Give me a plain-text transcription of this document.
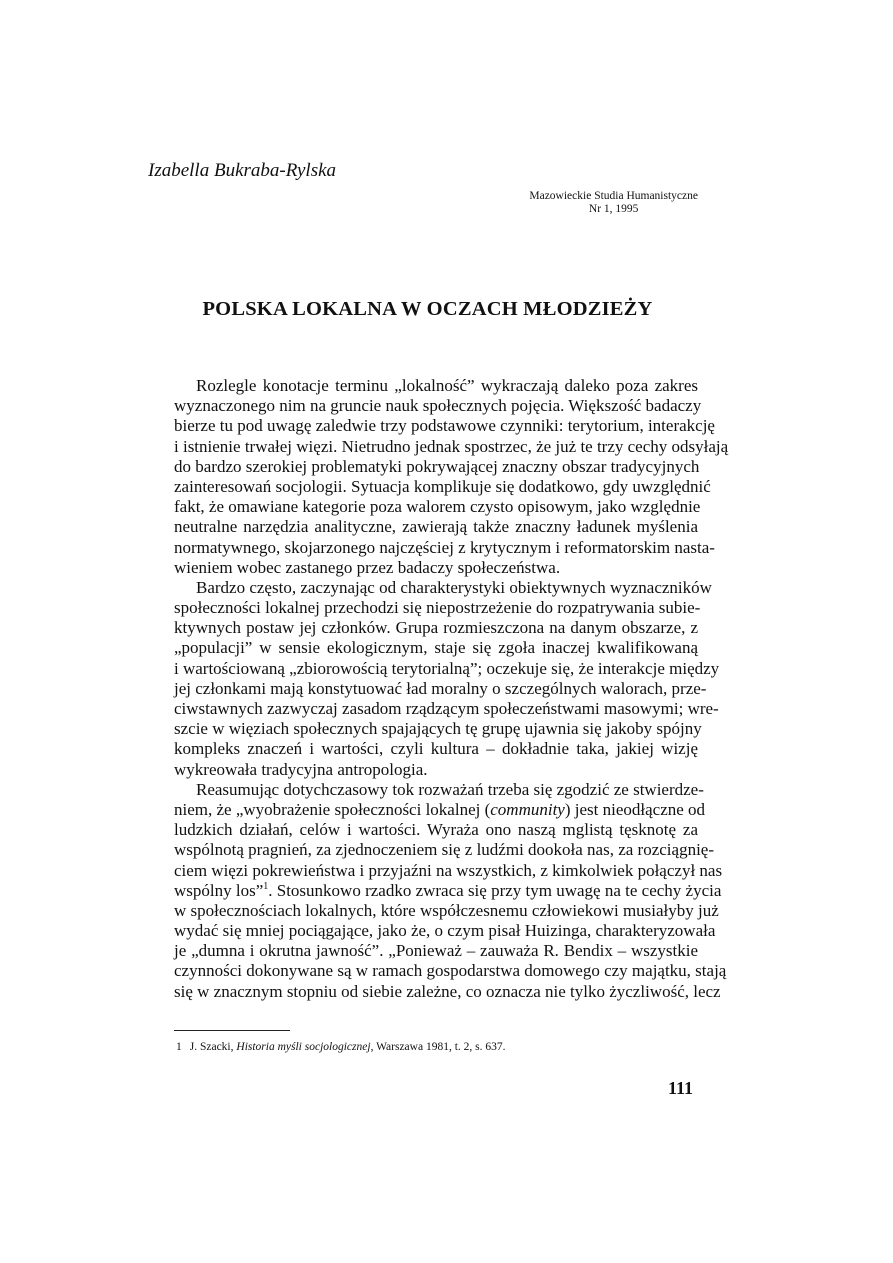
Izabella Bukraba-Rylska
Mazowieckie Studia Humanistyczne
Nr 1, 1995
POLSKA LOKALNA W OCZACH MŁODZIEŻY
Rozlegle konotacje terminu „lokalność” wykraczają daleko poza zakres
wyznaczonego nim na gruncie nauk społecznych pojęcia. Większość badaczy
bierze tu pod uwagę zaledwie trzy podstawowe czynniki: terytorium, interakcję
i istnienie trwałej więzi. Nietrudno jednak spostrzec, że już te trzy cechy odsyłają
do bardzo szerokiej problematyki pokrywającej znaczny obszar tradycyjnych
zainteresowań socjologii. Sytuacja komplikuje się dodatkowo, gdy uwzględnić
fakt, że omawiane kategorie poza walorem czysto opisowym, jako względnie
neutralne narzędzia analityczne, zawierają także znaczny ładunek myślenia
normatywnego, skojarzonego najczęściej z krytycznym i reformatorskim nasta-
wieniem wobec zastanego przez badaczy społeczeństwa.
Bardzo często, zaczynając od charakterystyki obiektywnych wyznaczników
społeczności lokalnej przechodzi się niepostrzeżenie do rozpatrywania subie-
ktywnych postaw jej członków. Grupa rozmieszczona na danym obszarze, z
„populacji” w sensie ekologicznym, staje się zgoła inaczej kwalifikowaną
i wartościowaną „zbiorowością terytorialną”; oczekuje się, że interakcje między
jej członkami mają konstytuować ład moralny o szczególnych walorach, prze-
ciwstawnych zazwyczaj zasadom rządzącym społeczeństwami masowymi; wre-
szcie w więziach społecznych spajających tę grupę ujawnia się jakoby spójny
kompleks znaczeń i wartości, czyli kultura – dokładnie taka, jakiej wizję
wykreowała tradycyjna antropologia.
Reasumując dotychczasowy tok rozważań trzeba się zgodzić ze stwierdze-
niem, że „wyobrażenie społeczności lokalnej (community) jest nieodłączne od
ludzkich działań, celów i wartości. Wyraża ono naszą mglistą tęsknotę za
wspólnotą pragnień, za zjednoczeniem się z ludźmi dookoła nas, za rozciągnię-
ciem więzi pokrewieństwa i przyjaźni na wszystkich, z kimkolwiek połączył nas
wspólny los”$^1$. Stosunkowo rzadko zwraca się przy tym uwagę na te cechy życia
w społecznościach lokalnych, które współczesnemu człowiekowi musiałyby już
wydać się mniej pociągające, jako że, o czym pisał Huizinga, charakteryzowała
je „dumna i okrutna jawność”. „Ponieważ – zauważa R. Bendix – wszystkie
czynności dokonywane są w ramach gospodarstwa domowego czy majątku, stają
się w znacznym stopniu od siebie zależne, co oznacza nie tylko życzliwość, lecz
1 J. Szacki, Historia myśli socjologicznej, Warszawa 1981, t. 2, s. 637.
111
